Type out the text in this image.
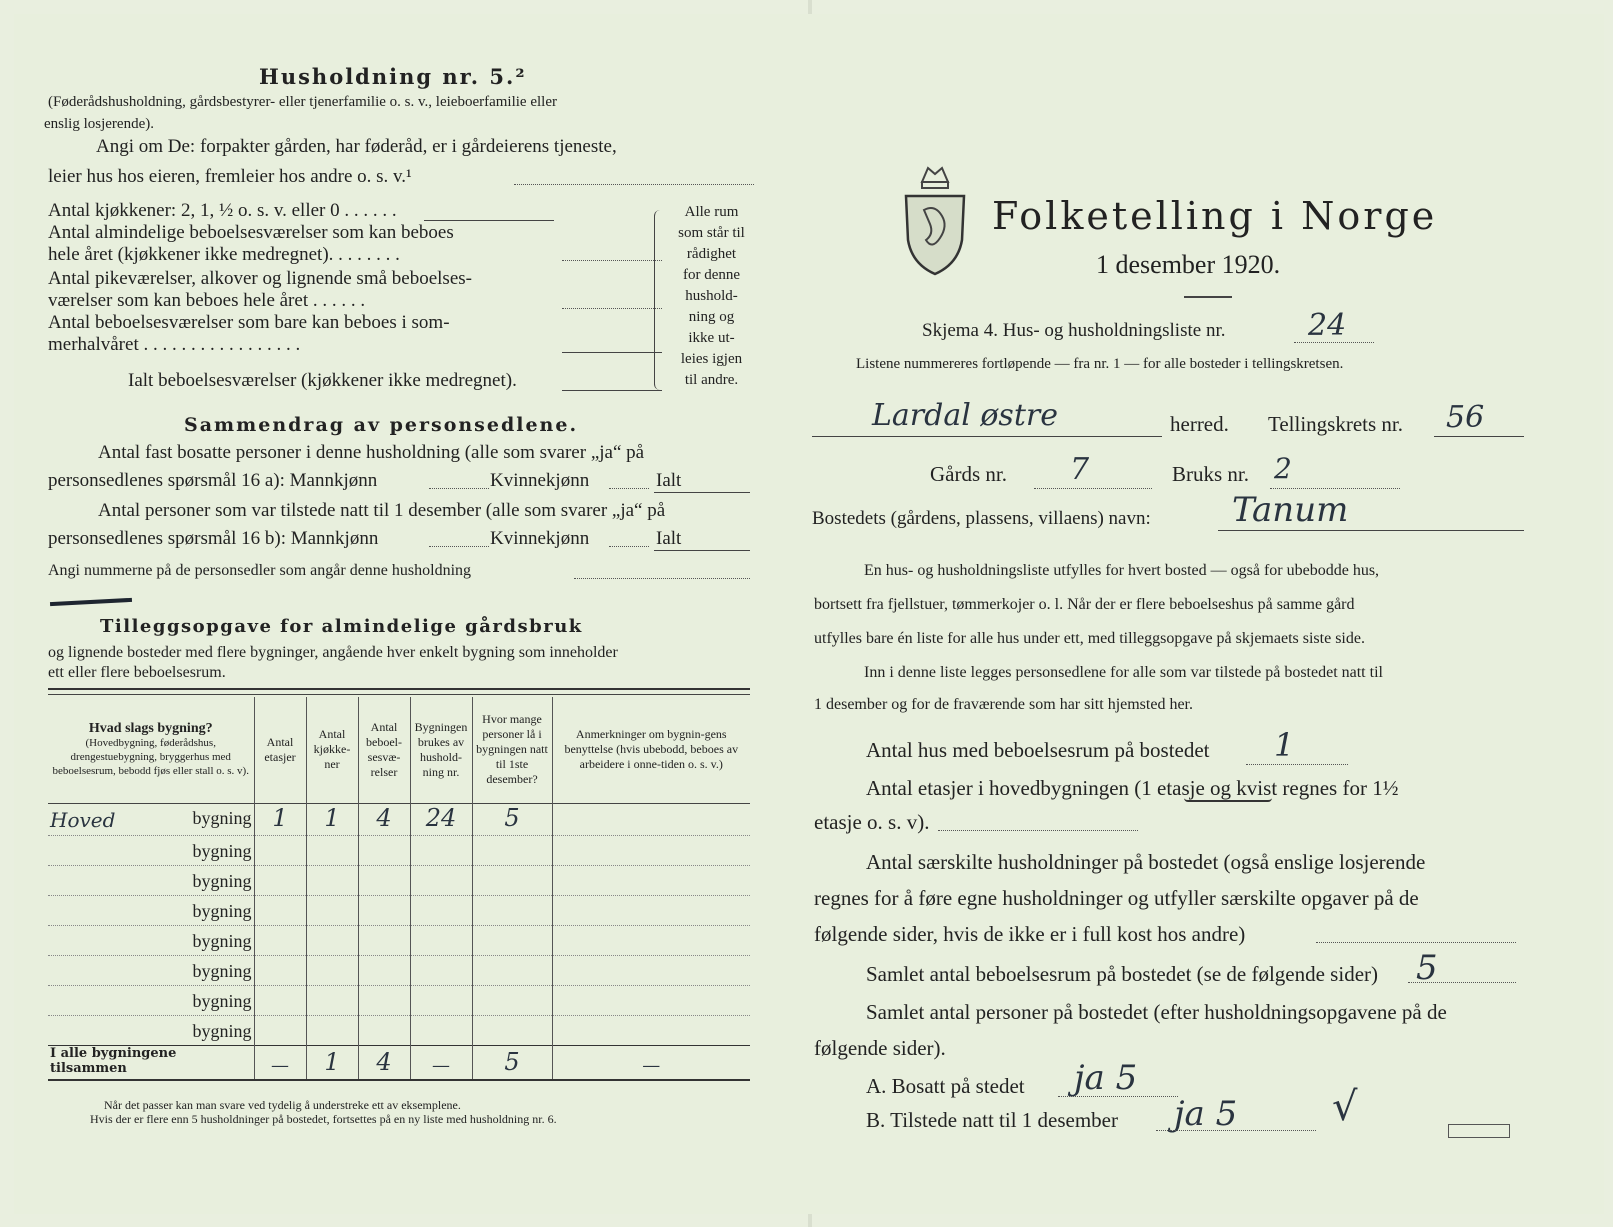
Husholdning nr. 5.²
(Føderådshusholdning, gårdsbestyrer- eller tjenerfamilie o. s. v., leieboerfamilie eller
enslig losjerende).
Angi om De: forpakter gården, har føderåd, er i gårdeierens tjeneste,
leier hus hos eieren, fremleier hos andre o. s. v.¹
Antal kjøkkener: 2, 1, ½ o. s. v. eller 0 . . . . . .
Antal almindelige beboelsesværelser som kan beboes
hele året (kjøkkener ikke medregnet). . . . . . . .
Antal pikeværelser, alkover og lignende små beboelses-
værelser som kan beboes hele året . . . . . .
Antal beboelsesværelser som bare kan beboes i som-
merhalvåret . . . . . . . . . . . . . . . . .
Ialt beboelsesværelser (kjøkkener ikke medregnet).
Alle rum
som står til
rådighet
for denne
hushold-
ning og
ikke ut-
leies igjen
til andre.
Sammendrag av personsedlene.
Antal fast bosatte personer i denne husholdning (alle som svarer „ja“ på
personsedlenes spørsmål 16 a): Mannkjønn	Kvinnekjønn	Ialt
Antal personer som var tilstede natt til 1 desember (alle som svarer „ja“ på
personsedlenes spørsmål 16 b): Mannkjønn	Kvinnekjønn	Ialt
Angi nummerne på de personsedler som angår denne husholdning
Tilleggsopgave for almindelige gårdsbruk
og lignende bosteder med flere bygninger, angående hver enkelt bygning som inneholder
ett eller flere beboelsesrum.
Hvad slags bygning?
(Hovedbygning, føderådshus, drengestuebygning, bryggerhus med beboelsesrum, bebodd fjøs eller stall o. s. v).	Antal etasjer	Antal kjøkke-ner	Antal beboel-sesvæ-relser	Bygningen brukes av hushold-ning nr.	Hvor mange personer lå i bygningen natt til 1ste desember?	Anmerkninger om bygnin-gens benyttelse (hvis ubebodd, beboes av arbeidere i onne-tiden o. s. v.)
Hoved bygning	1	1	4	24	5	
bygning						
bygning						
bygning						
bygning						
bygning						
bygning						
bygning						
I alle bygningene tilsammen	—	1	4	—	5	—
Når det passer kan man svare ved tydelig å understreke ett av eksemplene.
Hvis der er flere enn 5 husholdninger på bostedet, fortsettes på en ny liste med husholdning nr. 6.
Folketelling i Norge
1 desember 1920.
Skjema 4. Hus- og husholdningsliste nr.	24
Listene nummereres fortløpende — fra nr. 1 — for alle bosteder i tellingskretsen.
Lardal østre	herred. Tellingskrets nr. 56
Gårds nr. 7	Bruks nr. 2
Bostedets (gårdens, plassens, villaens) navn: Tanum
En hus- og husholdningsliste utfylles for hvert bosted — også for ubebodde hus,
bortsett fra fjellstuer, tømmerkojer o. l. Når der er flere beboelseshus på samme gård
utfylles bare én liste for alle hus under ett, med tilleggsopgave på skjemaets siste side.
Inn i denne liste legges personsedlene for alle som var tilstede på bostedet natt til
1 desember og for de fraværende som har sitt hjemsted her.
Antal hus med beboelsesrum på bostedet 1
Antal etasjer i hovedbygningen (1 etasje og kvist regnes for 1½
etasje o. s. v).
Antal særskilte husholdninger på bostedet (også enslige losjerende
regnes for å føre egne husholdninger og utfyller særskilte opgaver på de
følgende sider, hvis de ikke er i full kost hos andre)
Samlet antal beboelsesrum på bostedet (se de følgende sider) 5
Samlet antal personer på bostedet (efter husholdningsopgavene på de
følgende sider).
A. Bosatt på stedet ja 5
B. Tilstede natt til 1 desember ja 5 √
